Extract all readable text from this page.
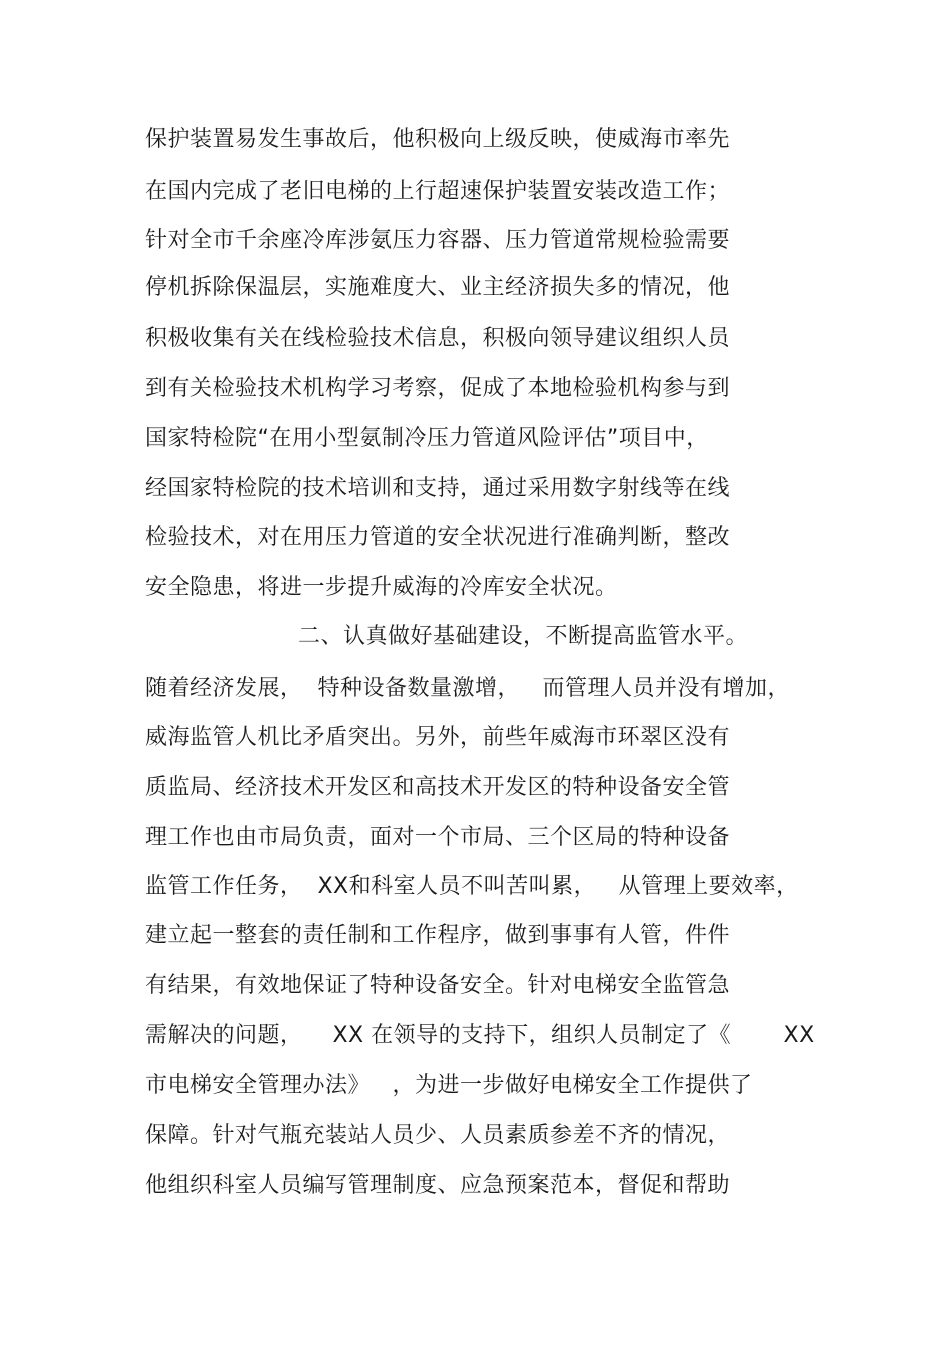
保护装置易发生事故后，他积极向上级反映，使威海市率先
在国内完成了老旧电梯的上行超速保护装置安装改造工作；
针对全市千余座冷库涉氨压力容器、压力管道常规检验需要
停机拆除保温层，实施难度大、业主经济损失多的情况，他
积极收集有关在线检验技术信息，积极向领导建议组织人员
到有关检验技术机构学习考察，促成了本地检验机构参与到
国家特检院“在用小型氨制冷压力管道风险评估”项目中，
经国家特检院的技术培训和支持，通过采用数字射线等在线
检验技术，对在用压力管道的安全状况进行准确判断，整改
安全隐患，将进一步提升威海的冷库安全状况。
二、认真做好基础建设，不断提高监管水平。
随着经济发展，  特种设备数量激增，   而管理人员并没有增加，
威海监管人机比矛盾突出。另外，前些年威海市环翠区没有
质监局、经济技术开发区和高技术开发区的特种设备安全管
理工作也由市局负责，面对一个市局、三个区局的特种设备
监管工作任务，  XX和科室人员不叫苦叫累，   从管理上要效率，
建立起一整套的责任制和工作程序，做到事事有人管，件件
有结果，有效地保证了特种设备安全。针对电梯安全监管急
需解决的问题，    XX 在领导的支持下，组织人员制定了《       XX
市电梯安全管理办法》   ，为进一步做好电梯安全工作提供了
保障。针对气瓶充装站人员少、人员素质参差不齐的情况，
他组织科室人员编写管理制度、应急预案范本，督促和帮助
